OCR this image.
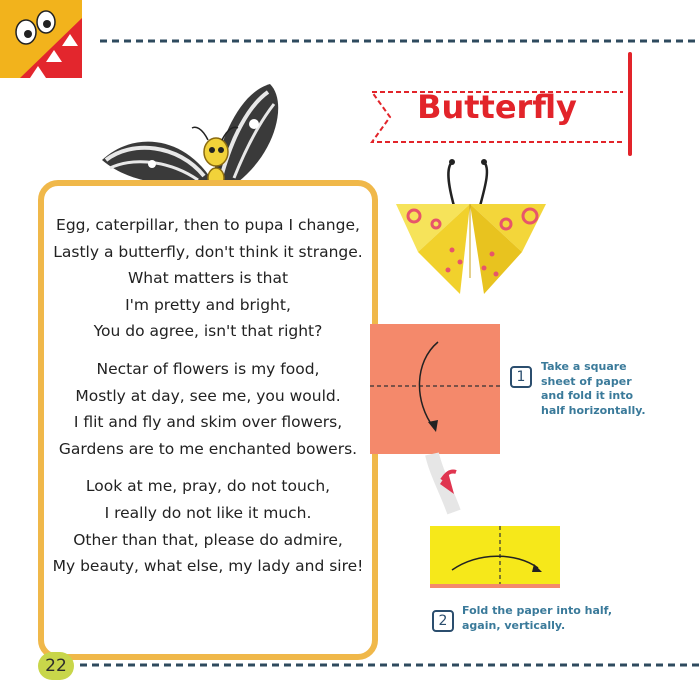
Egg, caterpillar, then to pupa I change,
Lastly a butterfly, don't think it strange.
What matters is that
I'm pretty and bright,
You do agree, isn't that right?
Nectar of flowers is my food,
Mostly at day, see me, you would.
I flit and fly and skim over flowers,
Gardens are to me enchanted bowers.
Look at me, pray, do not touch,
I really do not like it much.
Other than that, please do admire,
My beauty, what else, my lady and sire!
Butterfly
1
Take a square
sheet of paper
and fold it into
half horizontally.
2
Fold the paper into half,
again, vertically.
22
